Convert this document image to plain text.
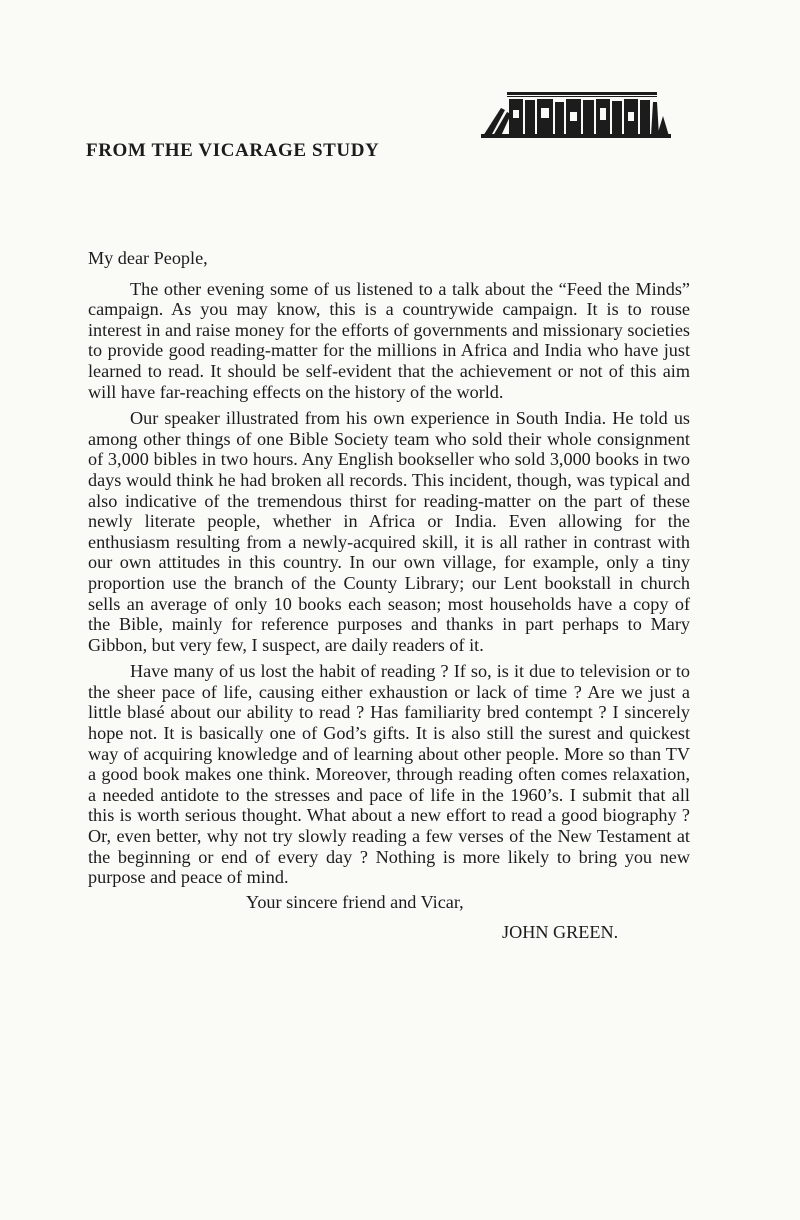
FROM THE VICARAGE STUDY

My dear People,

The other evening some of us listened to a talk about the “Feed the Minds” campaign. As you may know, this is a countrywide campaign. It is to rouse interest in and raise money for the efforts of governments and missionary societies to provide good reading-matter for the millions in Africa and India who have just learned to read. It should be self-evident that the achievement or not of this aim will have far-reaching effects on the history of the world.

Our speaker illustrated from his own experience in South India. He told us among other things of one Bible Society team who sold their whole consignment of 3,000 bibles in two hours. Any English bookseller who sold 3,000 books in two days would think he had broken all records. This incident, though, was typical and also indicative of the tremendous thirst for reading-matter on the part of these newly literate people, whether in Africa or India. Even allowing for the enthusiasm resulting from a newly-acquired skill, it is all rather in contrast with our own attitudes in this country. In our own village, for example, only a tiny proportion use the branch of the County Library; our Lent bookstall in church sells an average of only 10 books each season; most households have a copy of the Bible, mainly for reference purposes and thanks in part perhaps to Mary Gibbon, but very few, I suspect, are daily readers of it.

Have many of us lost the habit of reading ? If so, is it due to television or to the sheer pace of life, causing either exhaustion or lack of time ? Are we just a little blasé about our ability to read ? Has familiarity bred contempt ? I sincerely hope not. It is basically one of God’s gifts. It is also still the surest and quickest way of acquiring knowledge and of learning about other people. More so than TV a good book makes one think. Moreover, through reading often comes relaxation, a needed antidote to the stresses and pace of life in the 1960’s. I submit that all this is worth serious thought. What about a new effort to read a good biography ? Or, even better, why not try slowly reading a few verses of the New Testament at the beginning or end of every day ? Nothing is more likely to bring you new purpose and peace of mind.

Your sincere friend and Vicar,

JOHN GREEN.
